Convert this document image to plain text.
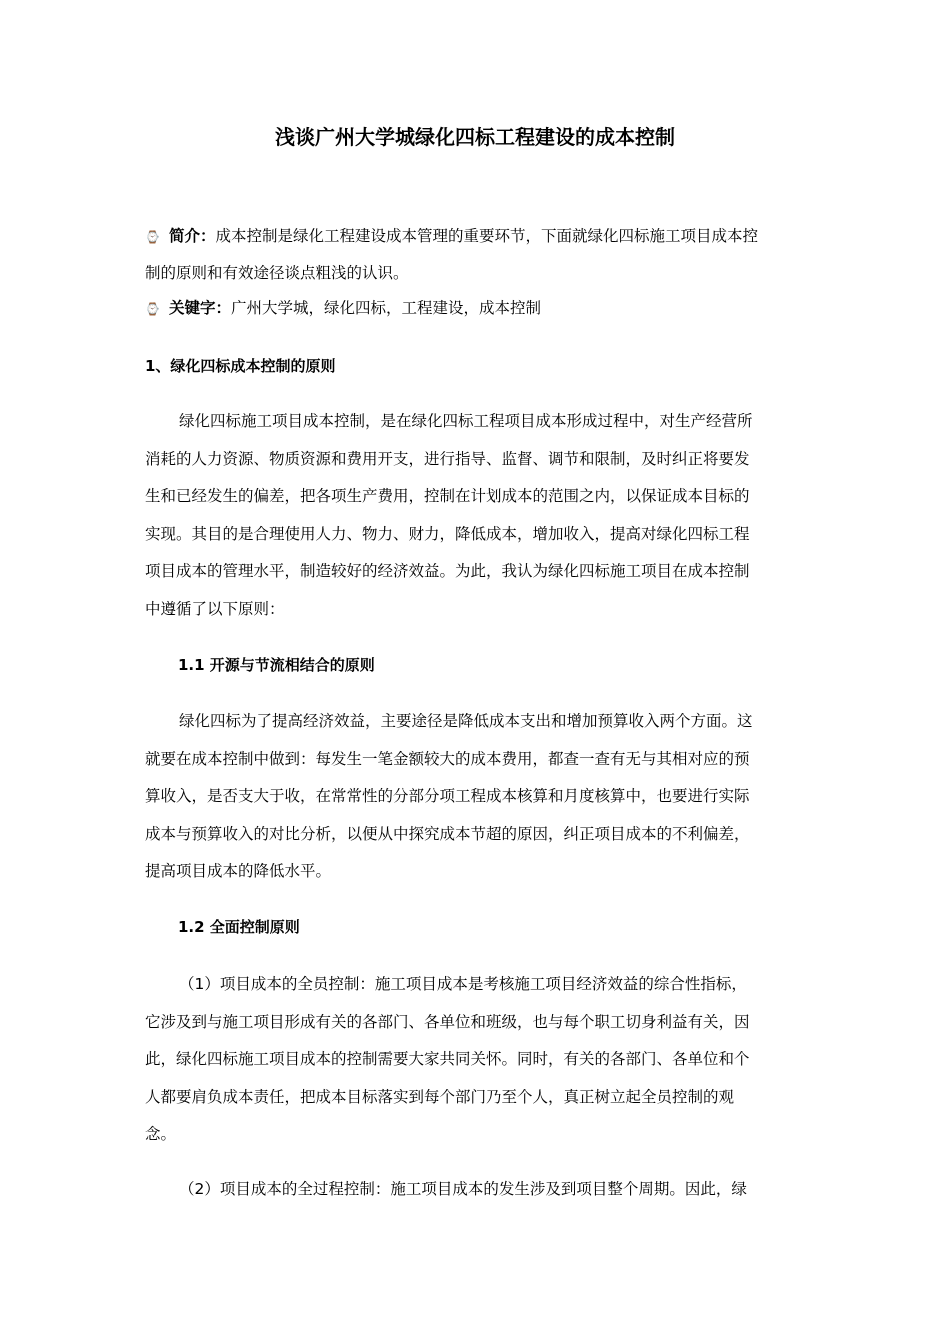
浅谈广州大学城绿化四标工程建设的成本控制
⌚ 简介：成本控制是绿化工程建设成本管理的重要环节，下面就绿化四标施工项目成本控
制的原则和有效途径谈点粗浅的认识。
⌚ 关键字：广州大学城，绿化四标，工程建设，成本控制
1、绿化四标成本控制的原则
绿化四标施工项目成本控制，是在绿化四标工程项目成本形成过程中，对生产经营所
消耗的人力资源、物质资源和费用开支，进行指导、监督、调节和限制，及时纠正将要发
生和已经发生的偏差，把各项生产费用，控制在计划成本的范围之内，以保证成本目标的
实现。其目的是合理使用人力、物力、财力，降低成本，增加收入，提高对绿化四标工程
项目成本的管理水平，制造较好的经济效益。为此，我认为绿化四标施工项目在成本控制
中遵循了以下原则：
1.1 开源与节流相结合的原则
绿化四标为了提高经济效益，主要途径是降低成本支出和增加预算收入两个方面。这
就要在成本控制中做到：每发生一笔金额较大的成本费用，都查一查有无与其相对应的预
算收入，是否支大于收，在常常性的分部分项工程成本核算和月度核算中，也要进行实际
成本与预算收入的对比分析，以便从中探究成本节超的原因，纠正项目成本的不利偏差，
提高项目成本的降低水平。
1.2 全面控制原则
（1）项目成本的全员控制：施工项目成本是考核施工项目经济效益的综合性指标，
它涉及到与施工项目形成有关的各部门、各单位和班级，也与每个职工切身利益有关，因
此，绿化四标施工项目成本的控制需要大家共同关怀。同时，有关的各部门、各单位和个
人都要肩负成本责任，把成本目标落实到每个部门乃至个人，真正树立起全员控制的观
念。
（2）项目成本的全过程控制：施工项目成本的发生涉及到项目整个周期。因此，绿
